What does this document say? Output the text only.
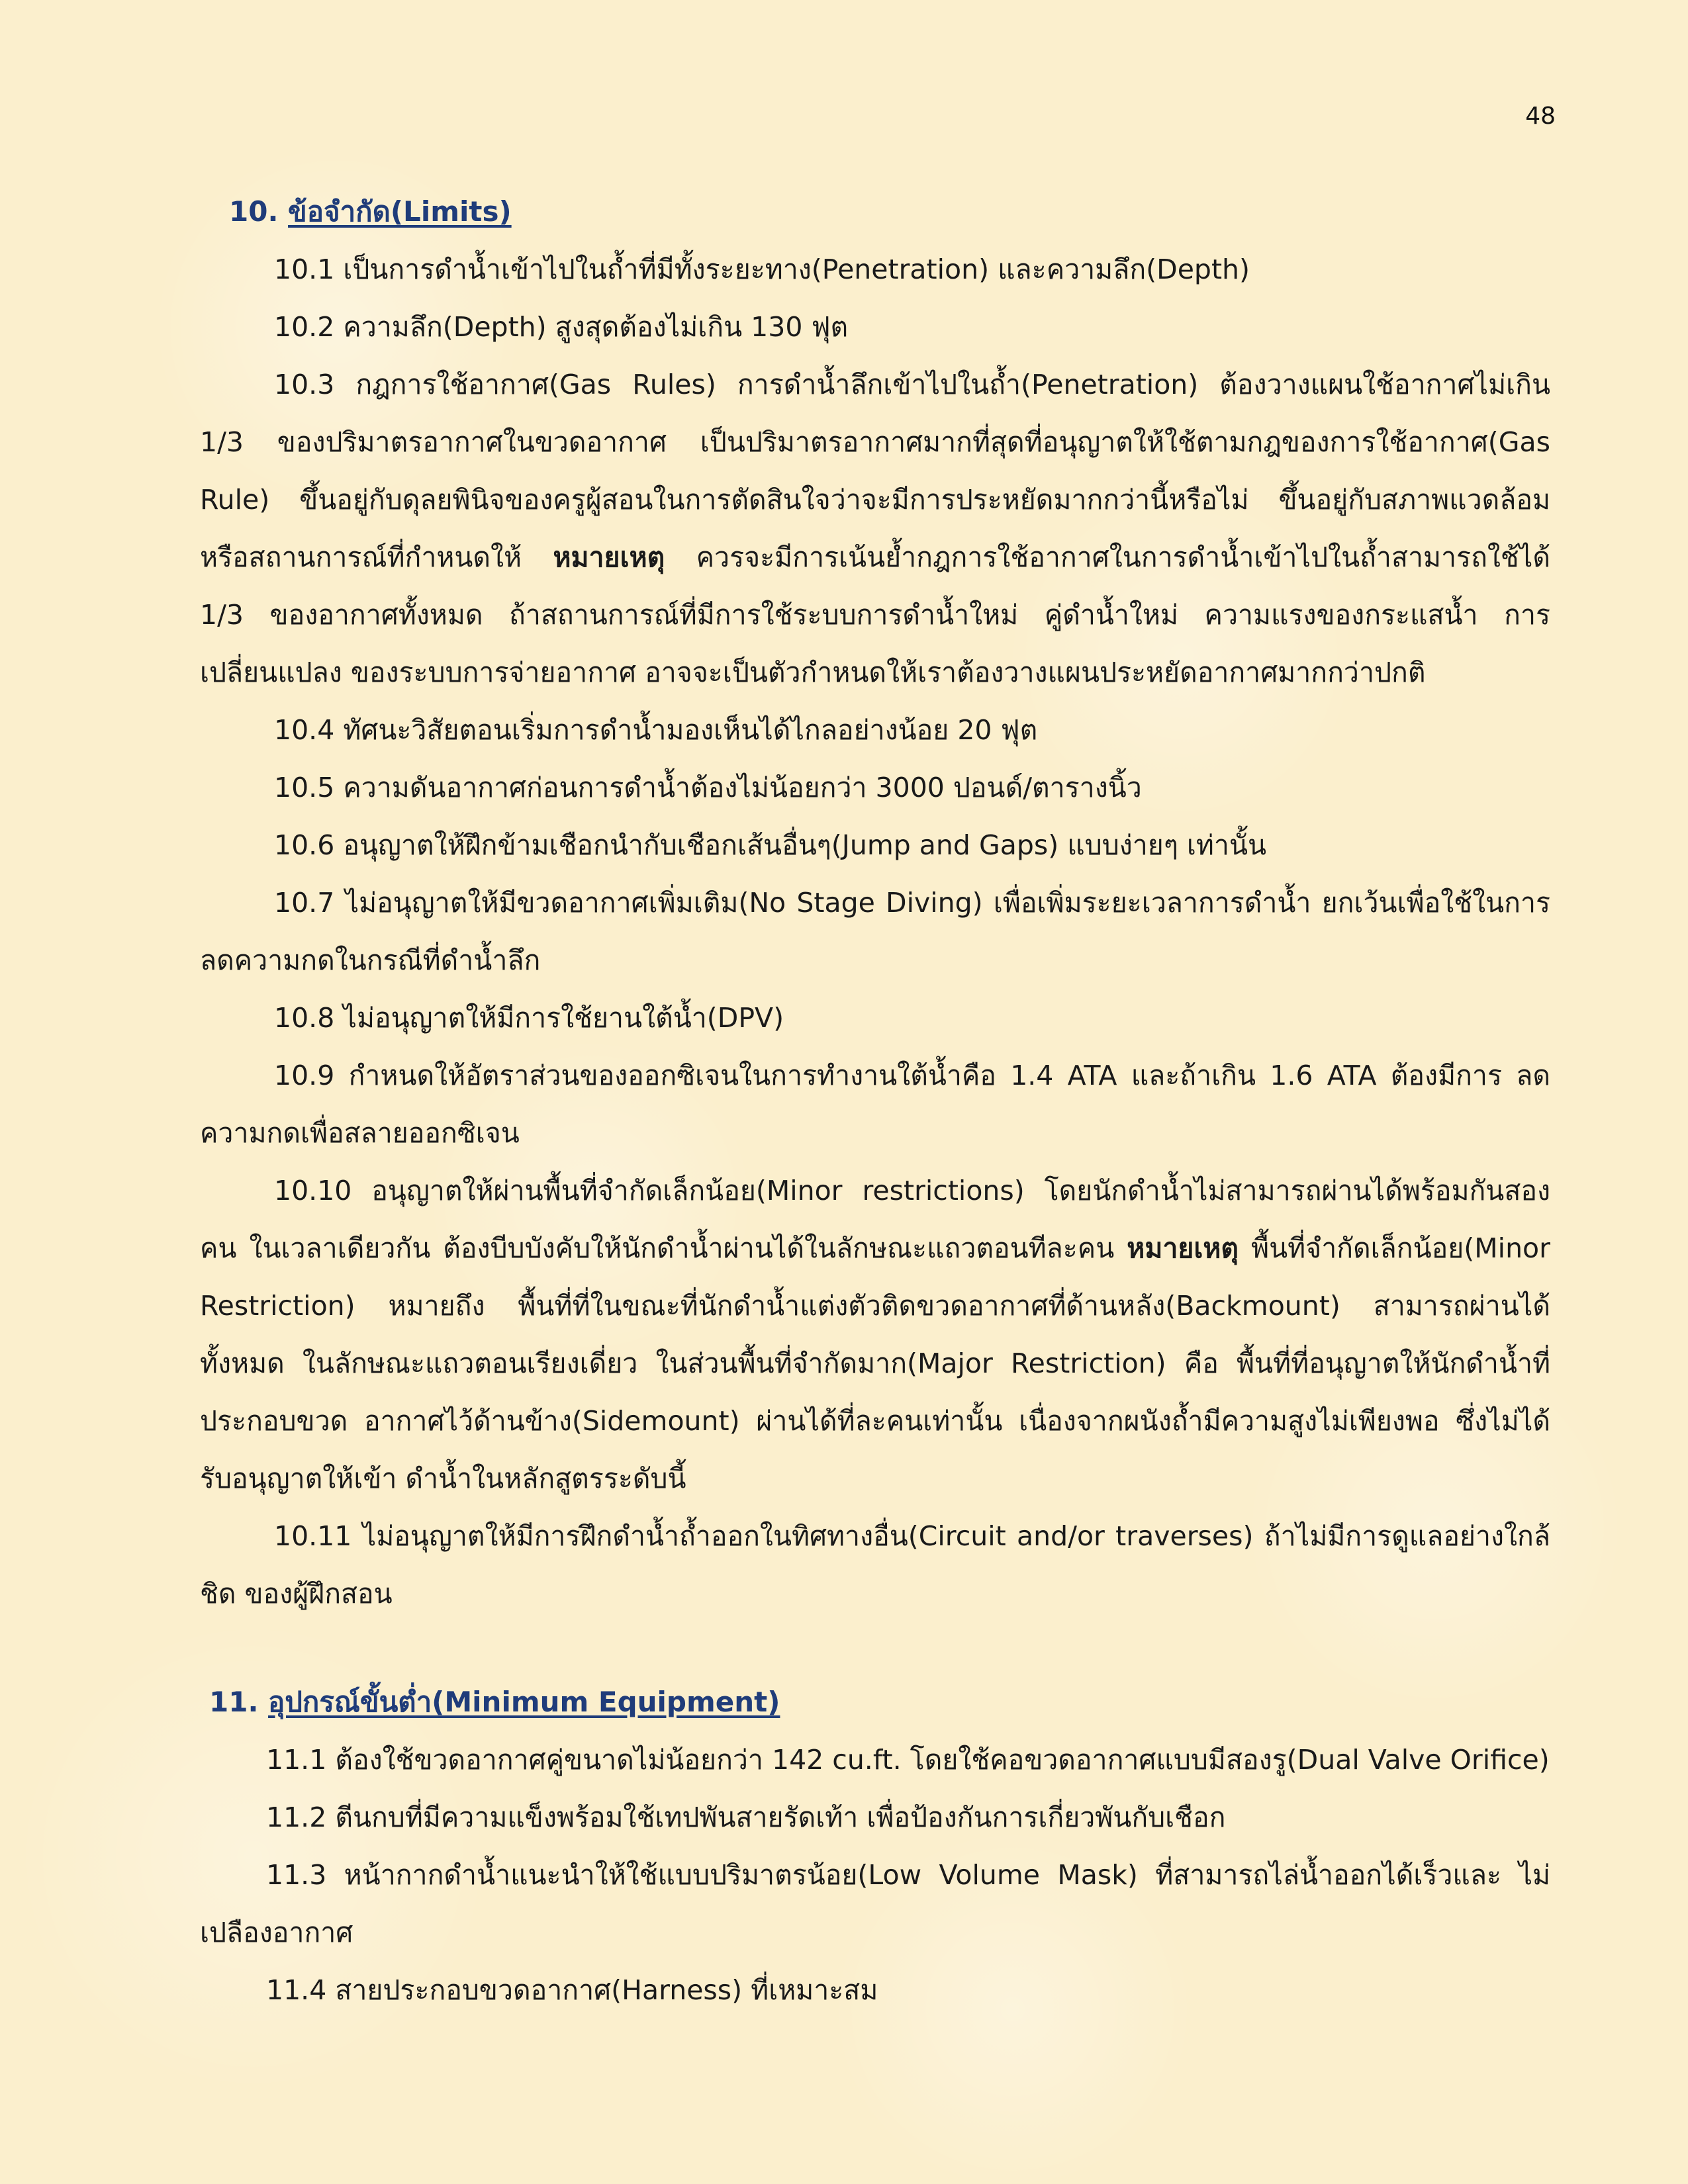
48
10. ข้อจำกัด(Limits)

10.1 เป็นการดำน้ำเข้าไปในถ้ำที่มีทั้งระยะทาง(Penetration) และความลึก(Depth)

10.2 ความลึก(Depth) สูงสุดต้องไม่เกิน 130 ฟุต

10.3 กฎการใช้อากาศ(Gas Rules) การดำน้ำลึกเข้าไปในถ้ำ(Penetration) ต้องวางแผนใช้อากาศไม่เกิน 1/3 ของปริมาตรอากาศในขวดอากาศ เป็นปริมาตรอากาศมากที่สุดที่อนุญาตให้ใช้ตามกฎของการใช้อากาศ(Gas Rule) ขึ้นอยู่กับดุลยพินิจของครูผู้สอนในการตัดสินใจว่าจะมีการประหยัดมากกว่านี้หรือไม่ ขึ้นอยู่กับสภาพแวดล้อม หรือสถานการณ์ที่กำหนดให้ หมายเหตุ ควรจะมีการเน้นย้ำกฎการใช้อากาศในการดำน้ำเข้าไปในถ้ำสามารถใช้ได้ 1/3 ของอากาศทั้งหมด ถ้าสถานการณ์ที่มีการใช้ระบบการดำน้ำใหม่ คู่ดำน้ำใหม่ ความแรงของกระแสน้ำ การเปลี่ยนแปลง ของระบบการจ่ายอากาศ อาจจะเป็นตัวกำหนดให้เราต้องวางแผนประหยัดอากาศมากกว่าปกติ

10.4 ทัศนะวิสัยตอนเริ่มการดำน้ำมองเห็นได้ไกลอย่างน้อย 20 ฟุต

10.5 ความดันอากาศก่อนการดำน้ำต้องไม่น้อยกว่า 3000 ปอนด์/ตารางนิ้ว

10.6 อนุญาตให้ฝึกข้ามเชือกนำกับเชือกเส้นอื่นๆ(Jump and Gaps) แบบง่ายๆ เท่านั้น

10.7 ไม่อนุญาตให้มีขวดอากาศเพิ่มเติม(No Stage Diving) เพื่อเพิ่มระยะเวลาการดำน้ำ ยกเว้นเพื่อใช้ในการ ลดความกดในกรณีที่ดำน้ำลึก

10.8 ไม่อนุญาตให้มีการใช้ยานใต้น้ำ(DPV)

10.9 กำหนดให้อัตราส่วนของออกซิเจนในการทำงานใต้น้ำคือ 1.4 ATA และถ้าเกิน 1.6 ATA ต้องมีการ ลดความกดเพื่อสลายออกซิเจน

10.10 อนุญาตให้ผ่านพื้นที่จำกัดเล็กน้อย(Minor restrictions) โดยนักดำน้ำไม่สามารถผ่านได้พร้อมกันสองคน ในเวลาเดียวกัน ต้องบีบบังคับให้นักดำน้ำผ่านได้ในลักษณะแถวตอนทีละคน หมายเหตุ พื้นที่จำกัดเล็กน้อย(Minor Restriction) หมายถึง พื้นที่ที่ในขณะที่นักดำน้ำแต่งตัวติดขวดอากาศที่ด้านหลัง(Backmount) สามารถผ่านได้ทั้งหมด ในลักษณะแถวตอนเรียงเดี่ยว ในส่วนพื้นที่จำกัดมาก(Major Restriction) คือ พื้นที่ที่อนุญาตให้นักดำน้ำที่ประกอบขวด อากาศไว้ด้านข้าง(Sidemount) ผ่านได้ที่ละคนเท่านั้น เนื่องจากผนังถ้ำมีความสูงไม่เพียงพอ ซึ่งไม่ได้รับอนุญาตให้เข้า ดำน้ำในหลักสูตรระดับนี้

10.11 ไม่อนุญาตให้มีการฝึกดำน้ำถ้ำออกในทิศทางอื่น(Circuit and/or traverses) ถ้าไม่มีการดูแลอย่างใกล้ชิด ของผู้ฝึกสอน

11. อุปกรณ์ขั้นต่ำ(Minimum Equipment)

11.1 ต้องใช้ขวดอากาศคู่ขนาดไม่น้อยกว่า 142 cu.ft. โดยใช้คอขวดอากาศแบบมีสองรู(Dual Valve Orifice)

11.2 ตีนกบที่มีความแข็งพร้อมใช้เทปพันสายรัดเท้า เพื่อป้องกันการเกี่ยวพันกับเชือก

11.3 หน้ากากดำน้ำแนะนำให้ใช้แบบปริมาตรน้อย(Low Volume Mask) ที่สามารถไล่น้ำออกได้เร็วและ ไม่เปลืองอากาศ

11.4 สายประกอบขวดอากาศ(Harness) ที่เหมาะสม
